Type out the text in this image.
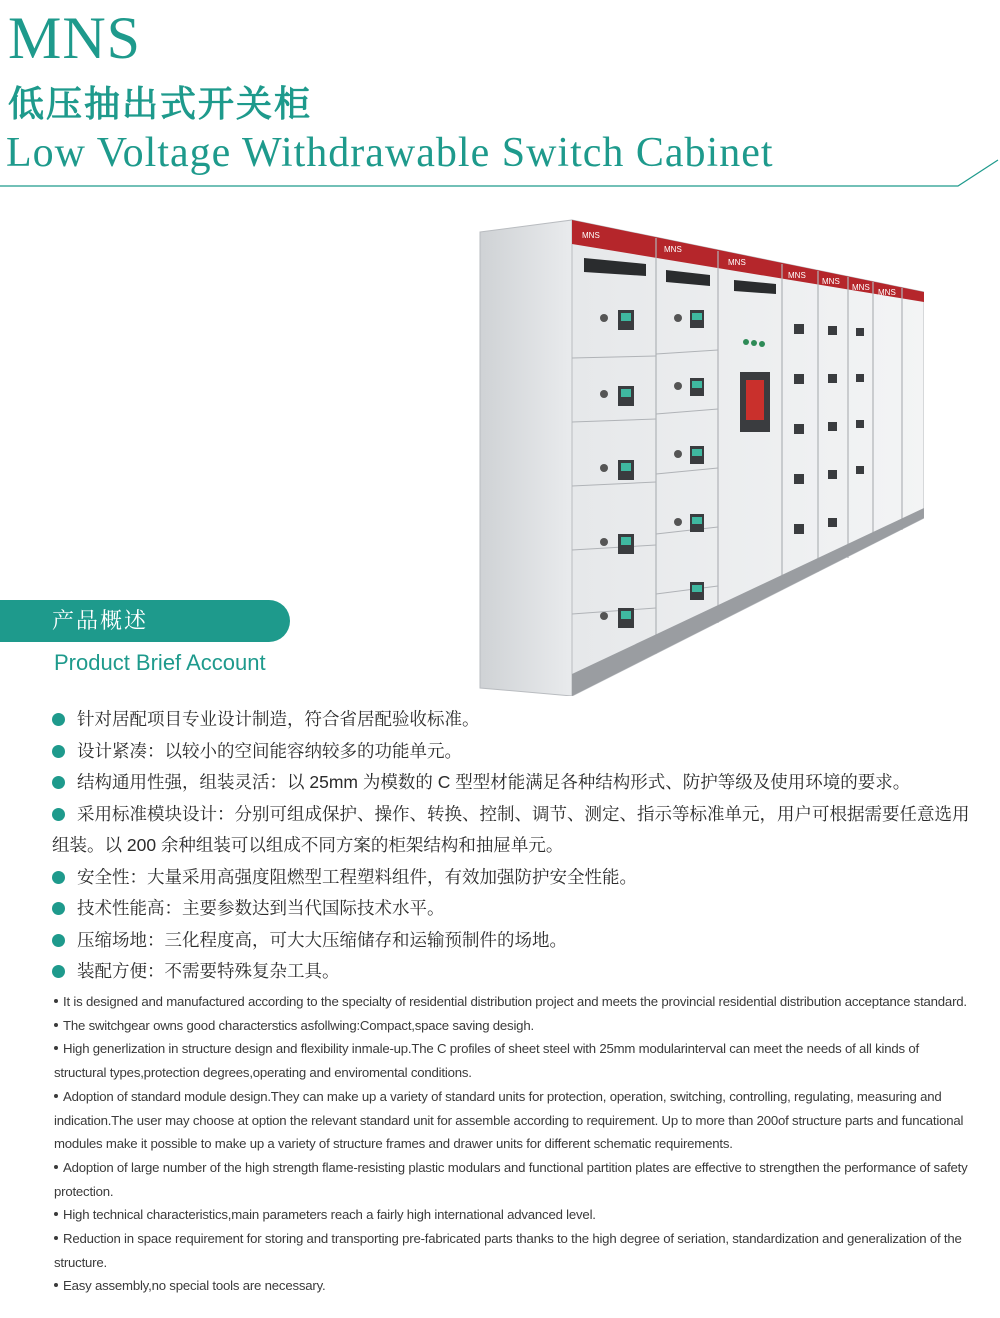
MNS
低压抽出式开关柜
Low Voltage Withdrawable Switch Cabinet
MNS
MNS
MNS
MNS
MNS
MNS
MNS
产品概述
Product Brief Account
针对居配项目专业设计制造，符合省居配验收标准。
设计紧凑：以较小的空间能容纳较多的功能单元。
结构通用性强，组装灵活：以 25mm 为模数的 C 型型材能满足各种结构形式、防护等级及使用环境的要求。
采用标准模块设计：分别可组成保护、操作、转换、控制、调节、测定、指示等标准单元，用户可根据需要任意选用组装。以 200 余种组装可以组成不同方案的柜架结构和抽屉单元。
安全性：大量采用高强度阻燃型工程塑料组件，有效加强防护安全性能。
技术性能高：主要参数达到当代国际技术水平。
压缩场地：三化程度高，可大大压缩储存和运输预制件的场地。
装配方便：不需要特殊复杂工具。
It is designed and manufactured according to the specialty of residential distribution project and meets the provincial residential distribution acceptance standard.
The switchgear owns good characterstics asfollwing:Compact,space saving desigh.
High generlization in structure design and flexibility inmale-up.The C profiles of sheet steel with 25mm modularinterval can meet the needs of all kinds of structural types,protection degrees,operating and enviromental conditions.
Adoption of standard module design.They can make up a variety of standard units for protection, operation, switching, controlling, regulating, measuring and indication.The user may choose at option the relevant standard unit for assemble according to requirement. Up to more than 200of structure parts and funcational modules make it possible to make up a variety of structure frames and drawer units for different schematic requirements.
Adoption of large number of the high strength flame-resisting plastic modulars and functional partition plates are effective to strengthen the performance of safety protection.
High technical characteristics,main parameters reach a fairly high international advanced level.
Reduction in space requirement for storing and transporting pre-fabricated parts thanks to the high degree of seriation, standardization and generalization of the structure.
Easy assembly,no special tools are necessary.
